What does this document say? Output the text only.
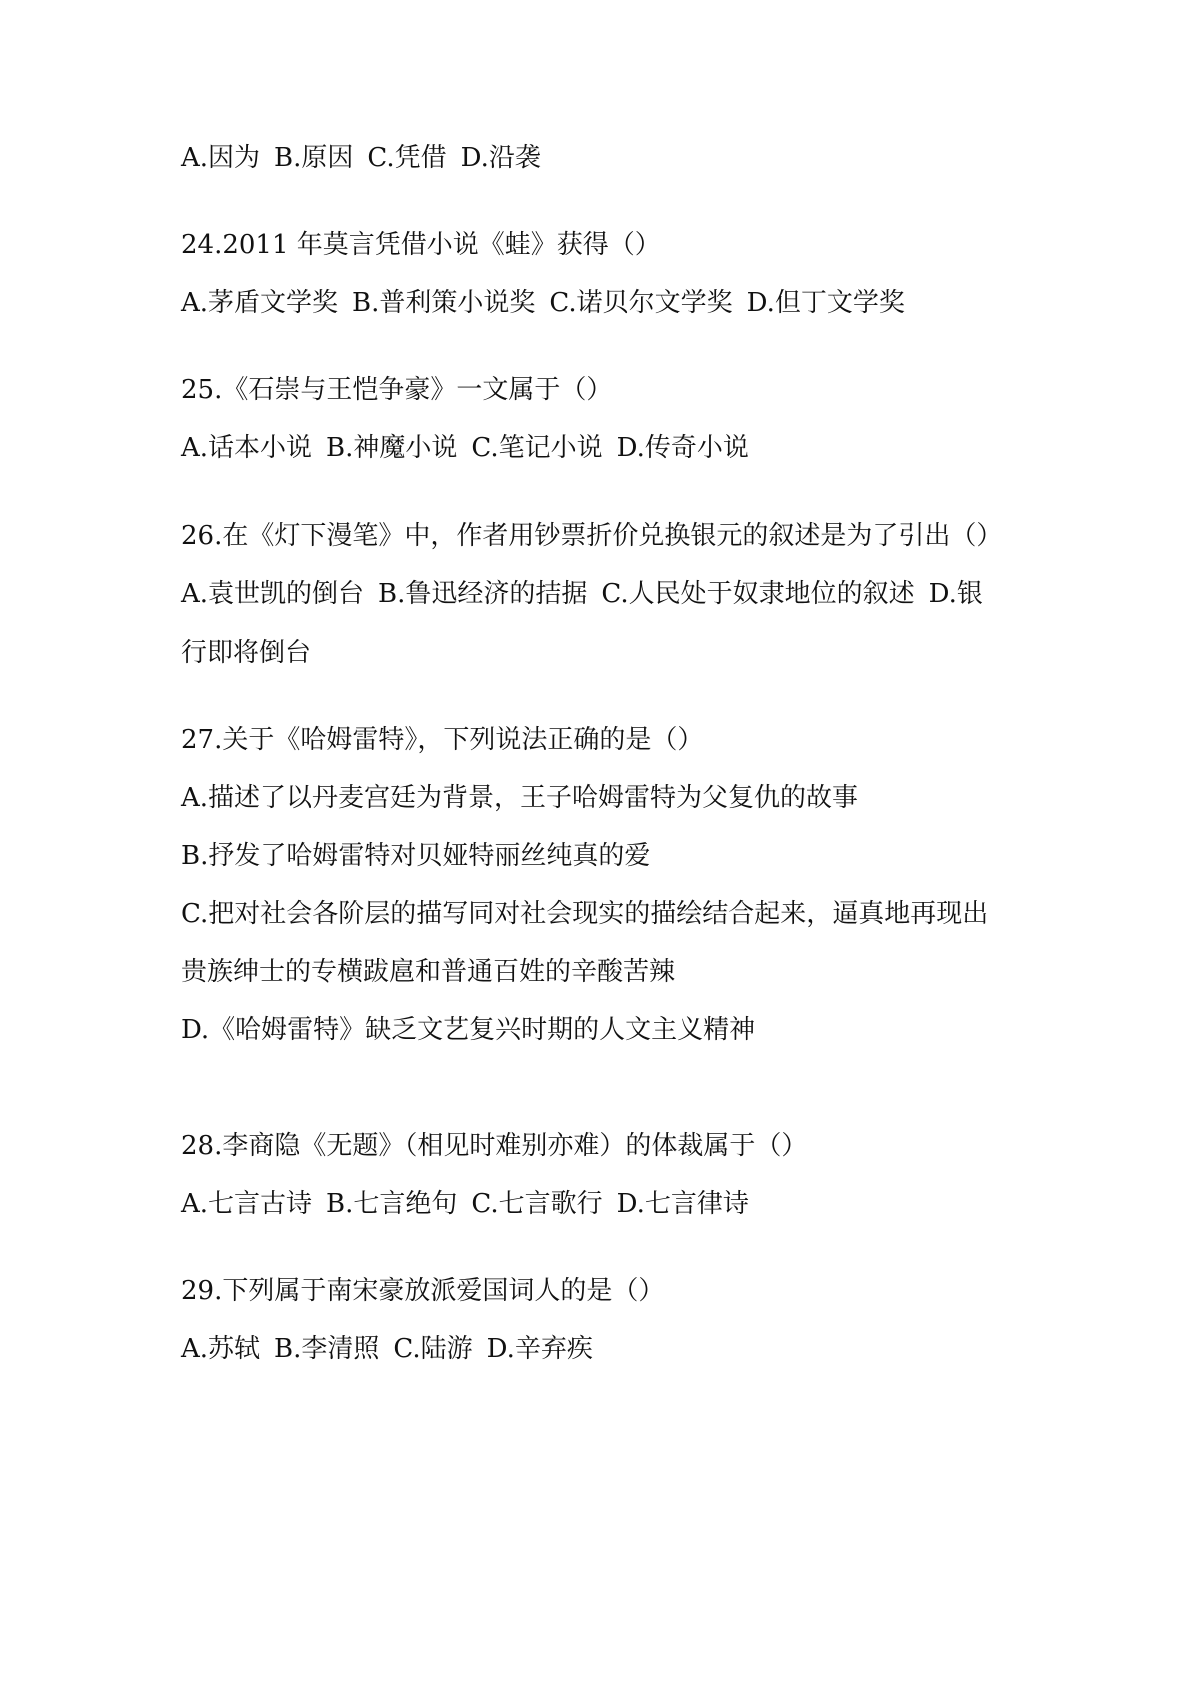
A.因为 B.原因 C.凭借 D.沿袭
24.2011 年莫言凭借小说《蛙》获得（）
A.茅盾文学奖 B.普利策小说奖 C.诺贝尔文学奖 D.但丁文学奖
25.《石崇与王恺争豪》一文属于（）
A.话本小说 B.神魔小说 C.笔记小说 D.传奇小说
26.在《灯下漫笔》中，作者用钞票折价兑换银元的叙述是为了引出（）
A.袁世凯的倒台 B.鲁迅经济的拮据 C.人民处于奴隶地位的叙述 D.银
行即将倒台
27.关于《哈姆雷特》，下列说法正确的是（）
A.描述了以丹麦宫廷为背景，王子哈姆雷特为父复仇的故事
B.抒发了哈姆雷特对贝娅特丽丝纯真的爱
C.把对社会各阶层的描写同对社会现实的描绘结合起来，逼真地再现出
贵族绅士的专横跋扈和普通百姓的辛酸苦辣
D.《哈姆雷特》缺乏文艺复兴时期的人文主义精神
28.李商隐《无题》（相见时难别亦难）的体裁属于（）
A.七言古诗 B.七言绝句 C.七言歌行 D.七言律诗
29.下列属于南宋豪放派爱国词人的是（）
A.苏轼 B.李清照 C.陆游 D.辛弃疾
